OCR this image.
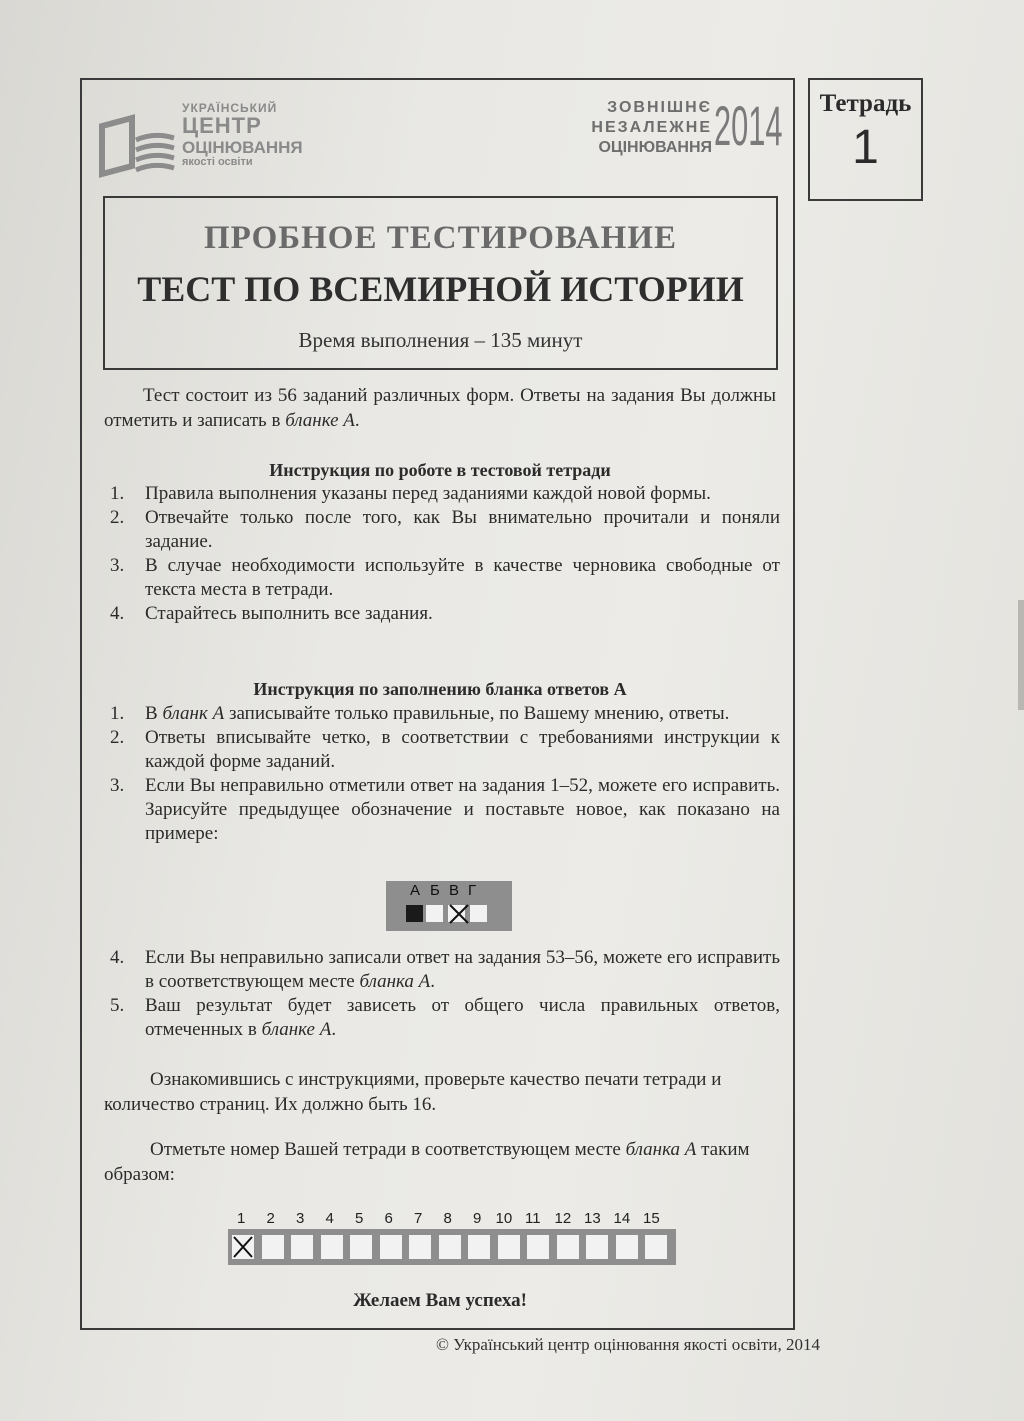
УКРАЇНСЬКИЙ
ЦЕНТР
ОЦІНЮВАННЯ
якості освіти
ЗОВНІШНЄ
НЕЗАЛЕЖНЕ
ОЦІНЮВАННЯ 2014	Тетрадь
1
ПРОБНОЕ ТЕСТИРОВАНИЕ
ТЕСТ ПО ВСЕМИРНОЙ ИСТОРИИ
Время выполнения – 135 минут
Тест состоит из 56 заданий различных форм. Ответы на задания Вы должны отметить и записать в бланке А.
Инструкция по роботе в тестовой тетради
1. Правила выполнения указаны перед заданиями каждой новой формы.
2. Отвечайте только после того, как Вы внимательно прочитали и поняли задание.
3. В случае необходимости используйте в качестве черновика свободные от текста места в тетради.
4. Старайтесь выполнить все задания.
Инструкция по заполнению бланка ответов А
1. В бланк А записывайте только правильные, по Вашему мнению, ответы.
2. Ответы вписывайте четко, в соответствии с требованиями инструкции к каждой форме заданий.
3. Если Вы неправильно отметили ответ на задания 1–52, можете его исправить. Зарисуйте предыдущее обозначение и поставьте новое, как показано на примере:
А Б В Г
4. Если Вы неправильно записали ответ на задания 53–56, можете его исправить в соответствующем месте бланка А.
5. Ваш результат будет зависеть от общего числа правильных ответов, отмеченных в бланке А.
Ознакомившись с инструкциями, проверьте качество печати тетради и количество страниц. Их должно быть 16.
Отметьте номер Вашей тетради в соответствующем месте бланка А таким образом:
1 2 3 4 5 6 7 8 9 10 11 12 13 14 15
Желаем Вам успеха!
© Український центр оцінювання якості освіти, 2014
